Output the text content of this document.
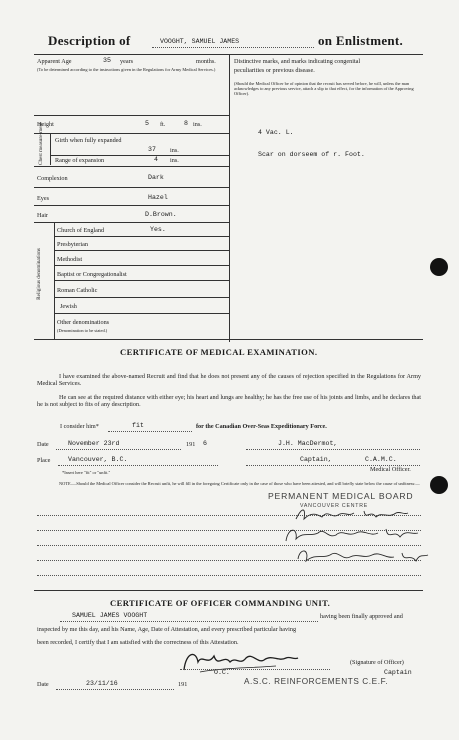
Description of	VOOGHT, SAMUEL JAMES	on Enlistment.
Apparent Age	35 years	months.
(To be determined according to the instructions given in the Regulations for Army Medical Services.)
Height	5 ft.	8 ins.
Chest measure-ment Girth when fully expanded
37 ins.
Range of expansion	4 ins.
Complexion	Dark
Eyes	Hazel
Hair	D.Brown.
Religious denominations
Church of England	Yes.
Presbyterian
Methodist
Baptist or Congregationalist
Roman Catholic
Jewish
Other denominations
(Denomination to be stated.)
Distinctive marks, and marks indicating congenital
peculiarities or previous disease.
(Should the Medical Officer be of opinion that the recruit has served before, he will, unless the man acknowledges to any previous service, attach a slip to that effect, for the information of the Approving Officer).
4 Vac. L.
Scar on dorseem of r. Foot.
CERTIFICATE OF MEDICAL EXAMINATION.
I have examined the above-named Recruit and find that he does not present any of the causes of rejection specified in the Regulations for Army Medical Services.
He can see at the required distance with either eye; his heart and lungs are healthy; he has the free use of his joints and limbs, and he declares that he is not subject to fits of any description.
I consider him*	fit	for the Canadian Over-Seas Expeditionary Force.
Date	November 23rd	191 6	J.H. MacDermot,
Place	Vancouver, B.C.	Captain,	C.A.M.C.
Medical Officer.
*Insert here "fit" or "unfit."
NOTE.—Should the Medical Officer consider the Recruit unfit, he will fill in the foregoing Certificate only in the case of those who have been attested, and will briefly state below the cause of unfitness:—
PERMANENT MEDICAL BOARD
VANCOUVER CENTRE
CERTIFICATE OF OFFICER COMMANDING UNIT.
SAMUEL JAMES VOOGHT	having been finally approved and
inspected by me this day, and his Name, Age, Date of Attestation, and every prescribed particular having
been recorded, I certify that I am satisfied with the correctness of this Attestation.
(Signature of Officer)
O.C.	Captain
A.S.C. REINFORCEMENTS C.E.F.
Date	23/11/16	191
